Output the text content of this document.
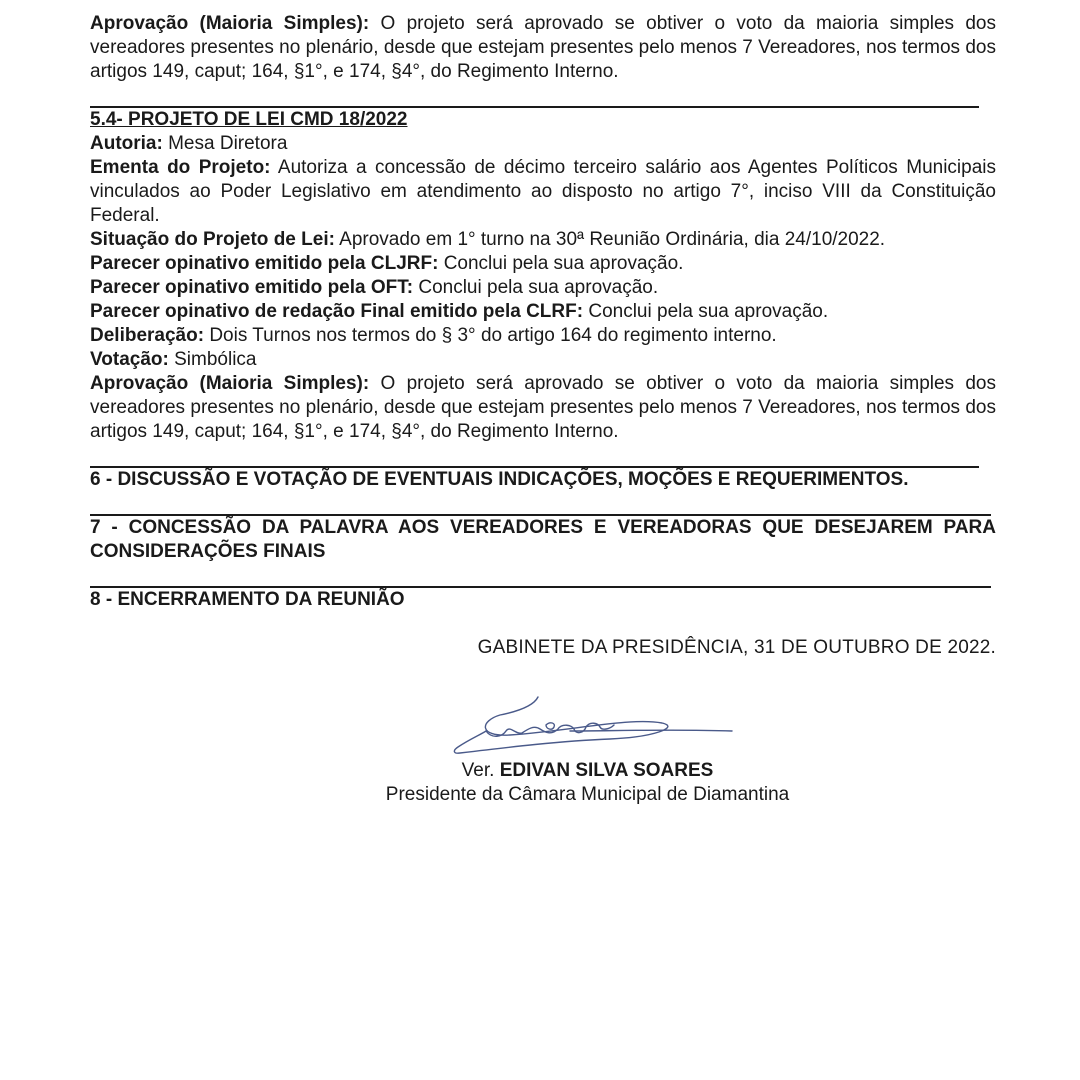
Aprovação (Maioria Simples): O projeto será aprovado se obtiver o voto da maioria simples dos vereadores presentes no plenário, desde que estejam presentes pelo menos 7 Vereadores, nos termos dos artigos 149, caput; 164, §1°, e 174, §4°, do Regimento Interno.

5.4- PROJETO DE LEI CMD 18/2022

Autoria: Mesa Diretora

Ementa do Projeto: Autoriza a concessão de décimo terceiro salário aos Agentes Políticos Municipais vinculados ao Poder Legislativo em atendimento ao disposto no artigo 7°, inciso VIII da Constituição Federal.

Situação do Projeto de Lei: Aprovado em 1° turno na 30ª Reunião Ordinária, dia 24/10/2022.

Parecer opinativo emitido pela CLJRF: Conclui pela sua aprovação.

Parecer opinativo emitido pela OFT: Conclui pela sua aprovação.

Parecer opinativo de redação Final emitido pela CLRF: Conclui pela sua aprovação.

Deliberação: Dois Turnos nos termos do § 3° do artigo 164 do regimento interno.

Votação: Simbólica

Aprovação (Maioria Simples): O projeto será aprovado se obtiver o voto da maioria simples dos vereadores presentes no plenário, desde que estejam presentes pelo menos 7 Vereadores, nos termos dos artigos 149, caput; 164, §1°, e 174, §4°, do Regimento Interno.

6 - DISCUSSÃO E VOTAÇÃO DE EVENTUAIS INDICAÇÕES, MOÇÕES E REQUERIMENTOS.

7 - CONCESSÃO DA PALAVRA AOS VEREADORES E VEREADORAS QUE DESEJAREM PARA CONSIDERAÇÕES FINAIS

8 - ENCERRAMENTO DA REUNIÃO

GABINETE DA PRESIDÊNCIA, 31 DE OUTUBRO DE 2022.
Ver. EDIVAN SILVA SOARES
Presidente da Câmara Municipal de Diamantina
